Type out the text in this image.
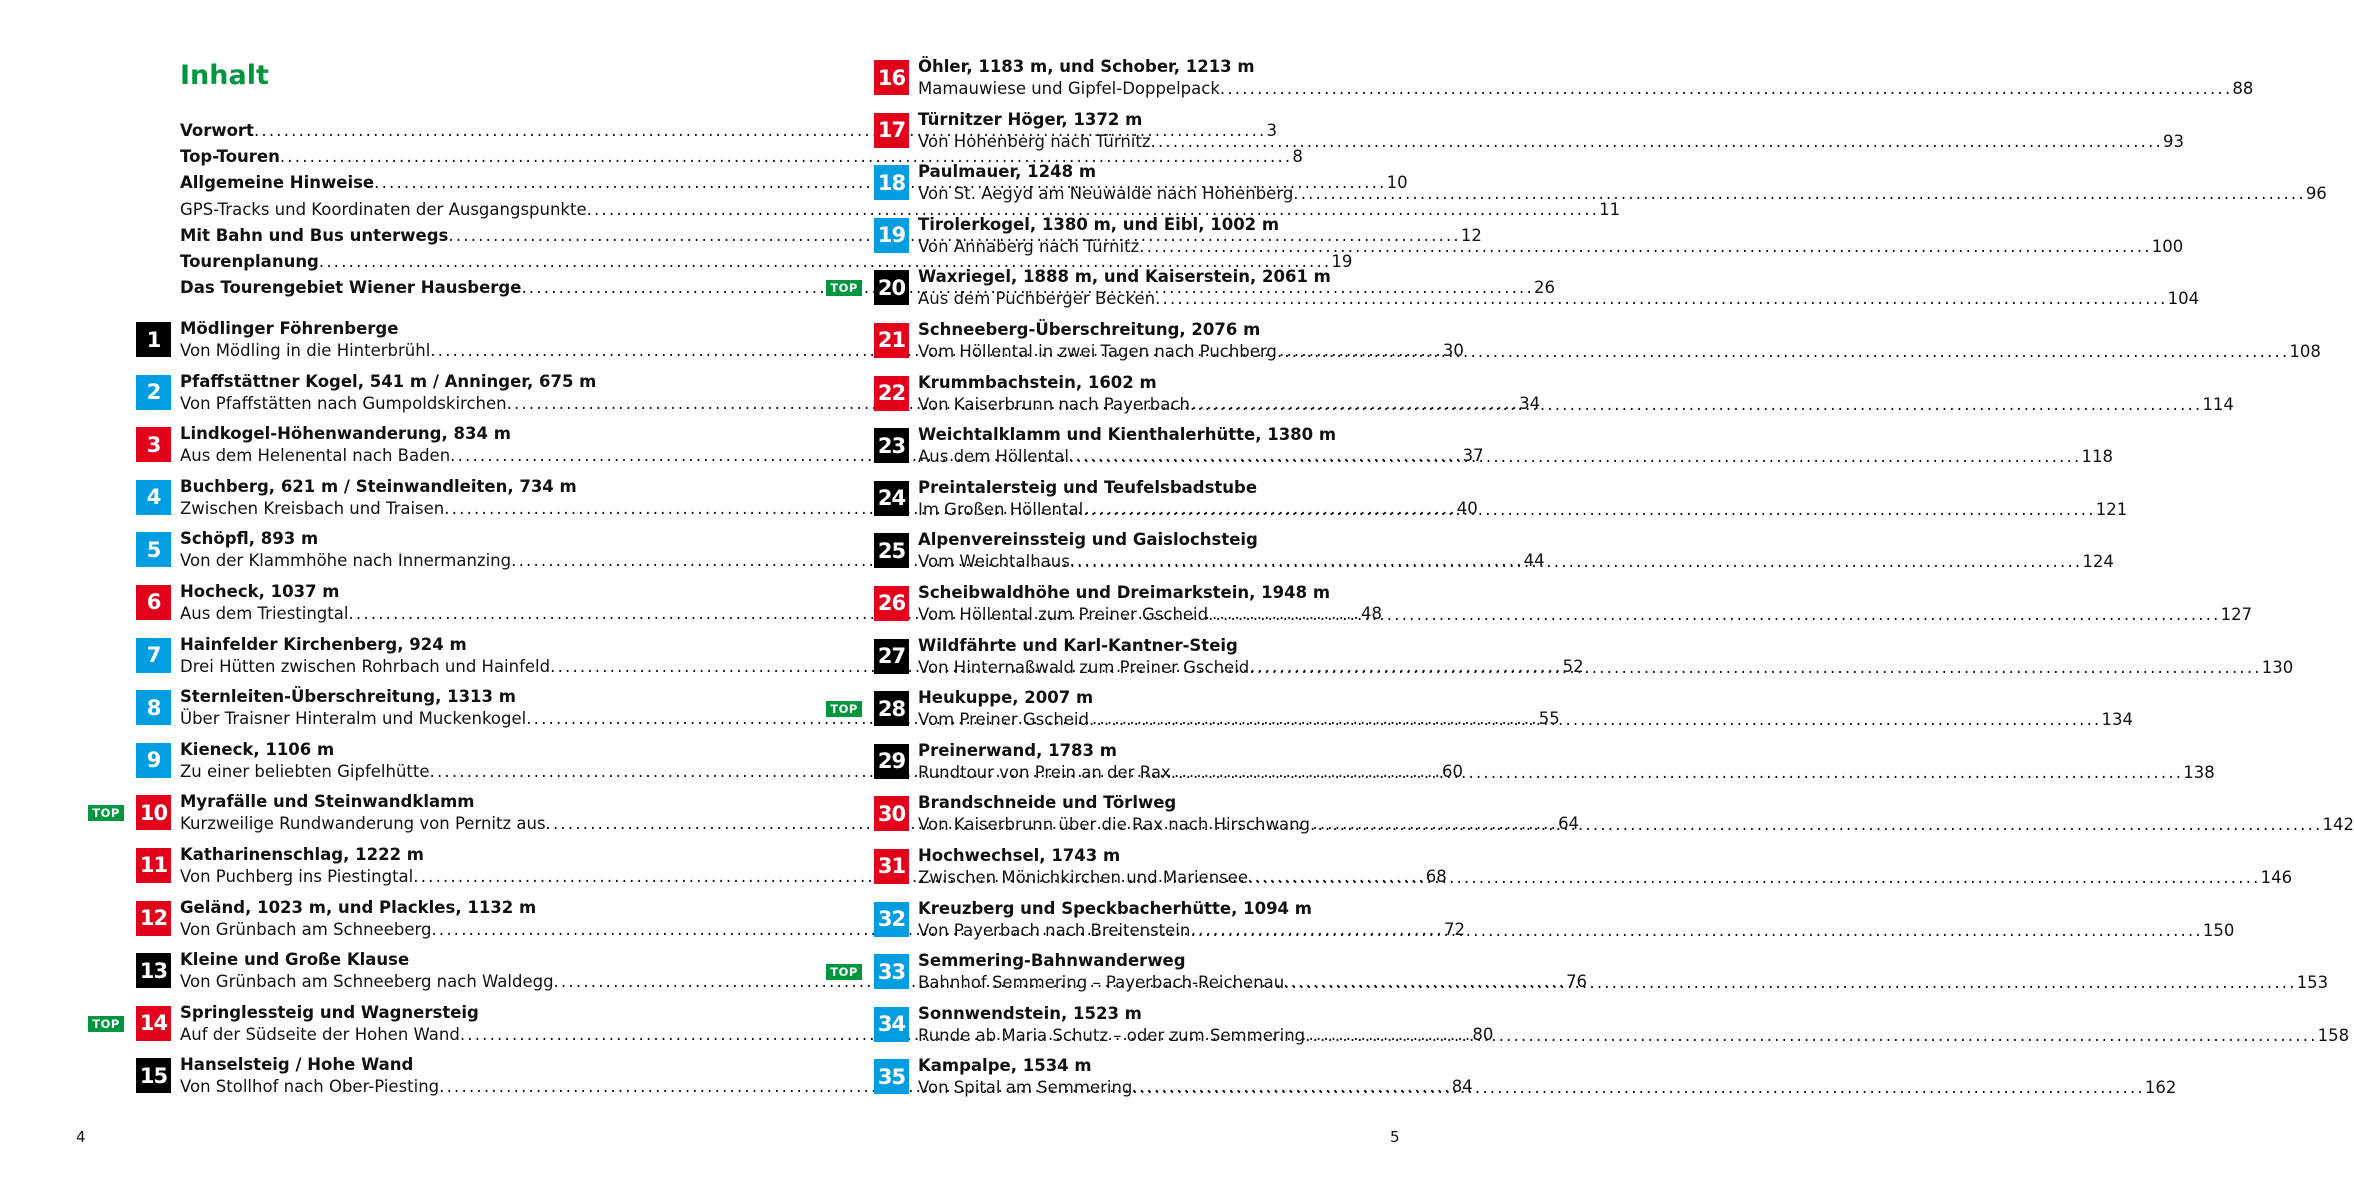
Inhalt
Vorwort .....	3
Top-Touren .....	8
Allgemeine Hinweise .....	10
GPS-Tracks und Koordinaten der Ausgangspunkte .....	11
Mit Bahn und Bus unterwegs .....	12
Tourenplanung .....	19
Das Tourengebiet Wiener Hausberge .....	26
1	Mödlinger Föhrenberge
Von Mödling in die Hinterbrühl .....	30
2	Pfaffstättner Kogel, 541 m / Anninger, 675 m
Von Pfaffstätten nach Gumpoldskirchen .....	34
3	Lindkogel-Höhenwanderung, 834 m
Aus dem Helenental nach Baden .....	37
4	Buchberg, 621 m / Steinwandleiten, 734 m
Zwischen Kreisbach und Traisen .....	40
5	Schöpfl, 893 m
Von der Klammhöhe nach Innermanzing .....	44
6	Hocheck, 1037 m
Aus dem Triestingtal .....	48
7	Hainfelder Kirchenberg, 924 m
Drei Hütten zwischen Rohrbach und Hainfeld .....	52
8	Sternleiten-Überschreitung, 1313 m
Über Traisner Hinteralm und Muckenkogel .....	55
9	Kieneck, 1106 m
Zu einer beliebten Gipfelhütte .....	60
TOP 10 Myrafälle und Steinwandklamm
Kurzweilige Rundwanderung von Pernitz aus .....	64
11 Katharinenschlag, 1222 m
Von Puchberg ins Piestingtal .....	68
12 Geländ, 1023 m, und Plackles, 1132 m
Von Grünbach am Schneeberg .....	72
13 Kleine und Große Klause
Von Grünbach am Schneeberg nach Waldegg .....	76
TOP 14 Springlessteig und Wagnersteig
Auf der Südseite der Hohen Wand .....	80
15 Hanselsteig / Hohe Wand
Von Stollhof nach Ober-Piesting .....	84
4
16 Öhler, 1183 m, und Schober, 1213 m
Mamauwiese und Gipfel-Doppelpack .....	88
17 Türnitzer Höger, 1372 m
Von Hohenberg nach Türnitz .....	93
18 Paulmauer, 1248 m
Von St. Aegyd am Neuwalde nach Hohenberg .....	96
19 Tirolerkogel, 1380 m, und Eibl, 1002 m
Von Annaberg nach Türnitz .....	100
TOP 20 Waxriegel, 1888 m, und Kaiserstein, 2061 m
Aus dem Puchberger Becken .....	104
21 Schneeberg-Überschreitung, 2076 m
Vom Höllental in zwei Tagen nach Puchberg .....	108
22 Krummbachstein, 1602 m
Von Kaiserbrunn nach Payerbach .....	114
23 Weichtalklamm und Kienthalerhütte, 1380 m
Aus dem Höllental .....	118
24 Preintalersteig und Teufelsbadstube
Im Großen Höllental .....	121
25 Alpenvereinssteig und Gaislochsteig
Vom Weichtalhaus .....	124
26 Scheibwaldhöhe und Dreimarkstein, 1948 m
Vom Höllental zum Preiner Gscheid .....	127
27 Wildfährte und Karl-Kantner-Steig
Von Hinternaßwald zum Preiner Gscheid .....	130
TOP 28 Heukuppe, 2007 m
Vom Preiner Gscheid .....	134
29 Preinerwand, 1783 m
Rundtour von Prein an der Rax .....	138
30 Brandschneide und Törlweg
Von Kaiserbrunn über die Rax nach Hirschwang .....	142
31 Hochwechsel, 1743 m
Zwischen Mönichkirchen und Mariensee .....	146
32 Kreuzberg und Speckbacherhütte, 1094 m
Von Payerbach nach Breitenstein .....	150
TOP 33 Semmering-Bahnwanderweg
Bahnhof Semmering – Payerbach-Reichenau .....	153
34 Sonnwendstein, 1523 m
Runde ab Maria Schutz – oder zum Semmering .....	158
35 Kampalpe, 1534 m
Von Spital am Semmering .....	162
5
